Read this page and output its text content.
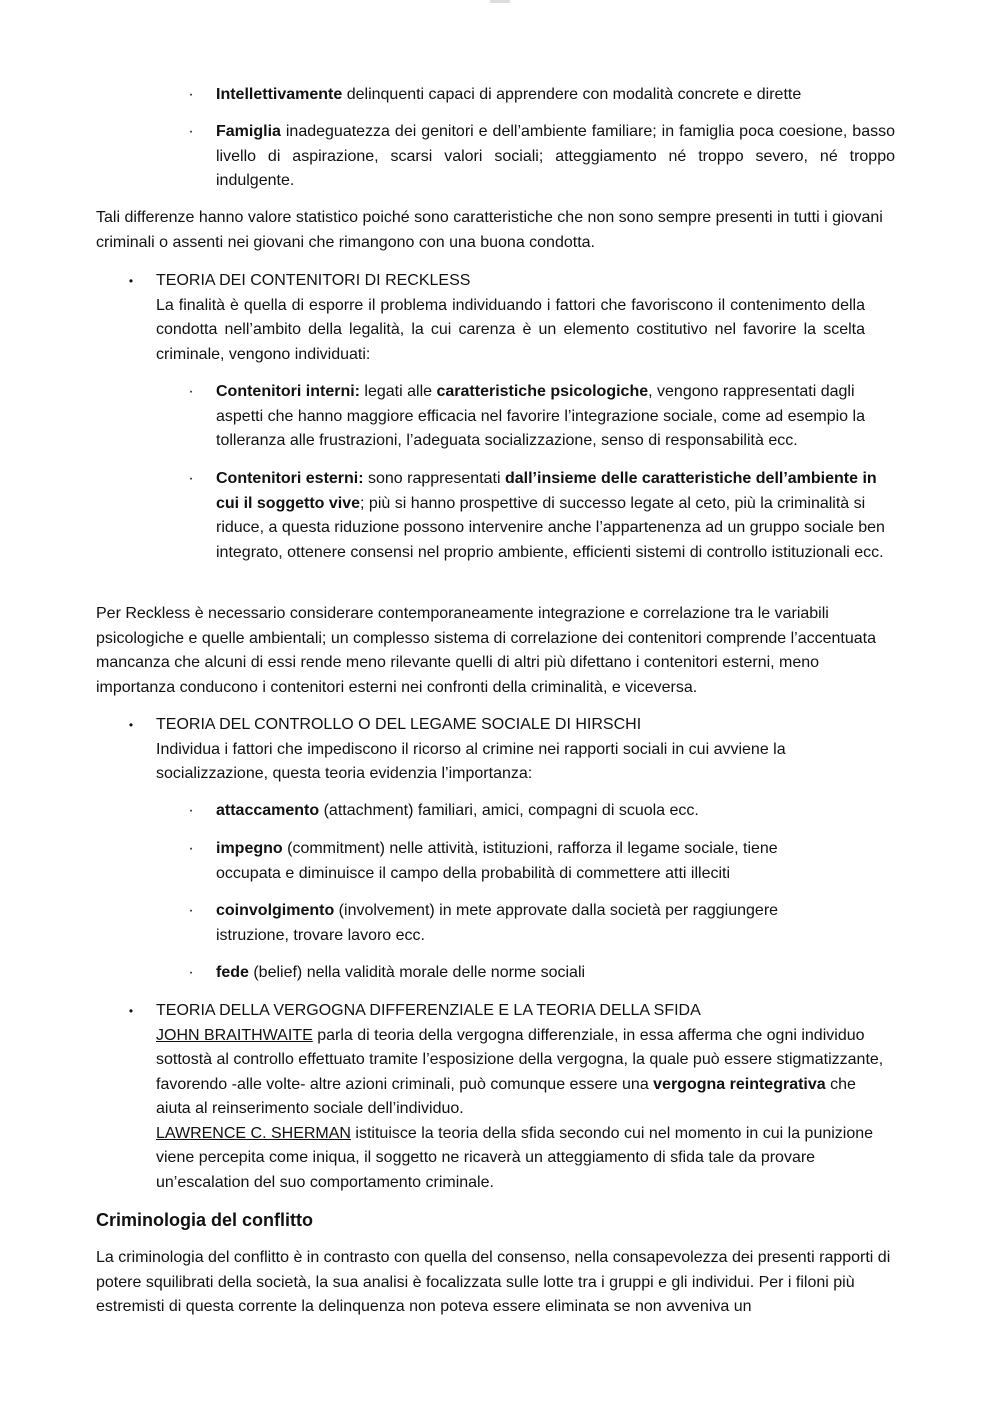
· Intellettivamente delinquenti capaci di apprendere con modalità concrete e dirette
· Famiglia inadeguatezza dei genitori e dell’ambiente familiare; in famiglia poca coesione, basso livello di aspirazione, scarsi valori sociali; atteggiamento né troppo severo, né troppo indulgente.
Tali differenze hanno valore statistico poiché sono caratteristiche che non sono sempre presenti in tutti i giovani criminali o assenti nei giovani che rimangono con una buona condotta.
• TEORIA DEI CONTENITORI DI RECKLESS
La finalità è quella di esporre il problema individuando i fattori che favoriscono il contenimento della condotta nell’ambito della legalità, la cui carenza è un elemento costitutivo nel favorire la scelta criminale, vengono individuati:
· Contenitori interni: legati alle caratteristiche psicologiche, vengono rappresentati dagli aspetti che hanno maggiore efficacia nel favorire l’integrazione sociale, come ad esempio la tolleranza alle frustrazioni, l’adeguata socializzazione, senso di responsabilità ecc.
· Contenitori esterni: sono rappresentati dall’insieme delle caratteristiche dell’ambiente in cui il soggetto vive; più si hanno prospettive di successo legate al ceto, più la criminalità si riduce, a questa riduzione possono intervenire anche l’appartenenza ad un gruppo sociale ben integrato, ottenere consensi nel proprio ambiente, efficienti sistemi di controllo istituzionali ecc.
Per Reckless è necessario considerare contemporaneamente integrazione e correlazione tra le variabili psicologiche e quelle ambientali; un complesso sistema di correlazione dei contenitori comprende l’accentuata mancanza che alcuni di essi rende meno rilevante quelli di altri più difettano i contenitori esterni, meno importanza conducono i contenitori esterni nei confronti della criminalità, e viceversa.
• TEORIA DEL CONTROLLO O DEL LEGAME SOCIALE DI HIRSCHI
Individua i fattori che impediscono il ricorso al crimine nei rapporti sociali in cui avviene la socializzazione, questa teoria evidenzia l’importanza:
· attaccamento (attachment) familiari, amici, compagni di scuola ecc.
· impegno (commitment) nelle attività, istituzioni, rafforza il legame sociale, tiene occupata e diminuisce il campo della probabilità di commettere atti illeciti
· coinvolgimento (involvement) in mete approvate dalla società per raggiungere istruzione, trovare lavoro ecc.
· fede (belief) nella validità morale delle norme sociali
• TEORIA DELLA VERGOGNA DIFFERENZIALE E LA TEORIA DELLA SFIDA
JOHN BRAITHWAITE parla di teoria della vergogna differenziale, in essa afferma che ogni individuo sottostà al controllo effettuato tramite l’esposizione della vergogna, la quale può essere stigmatizzante, favorendo -alle volte- altre azioni criminali, può comunque essere una vergogna reintegrativa che aiuta al reinserimento sociale dell’individuo.
LAWRENCE C. SHERMAN istituisce la teoria della sfida secondo cui nel momento in cui la punizione viene percepita come iniqua, il soggetto ne ricaverà un atteggiamento di sfida tale da provare un’escalation del suo comportamento criminale.
Criminologia del conflitto
La criminologia del conflitto è in contrasto con quella del consenso, nella consapevolezza dei presenti rapporti di potere squilibrati della società, la sua analisi è focalizzata sulle lotte tra i gruppi e gli individui. Per i filoni più estremisti di questa corrente la delinquenza non poteva essere eliminata se non avveniva un
